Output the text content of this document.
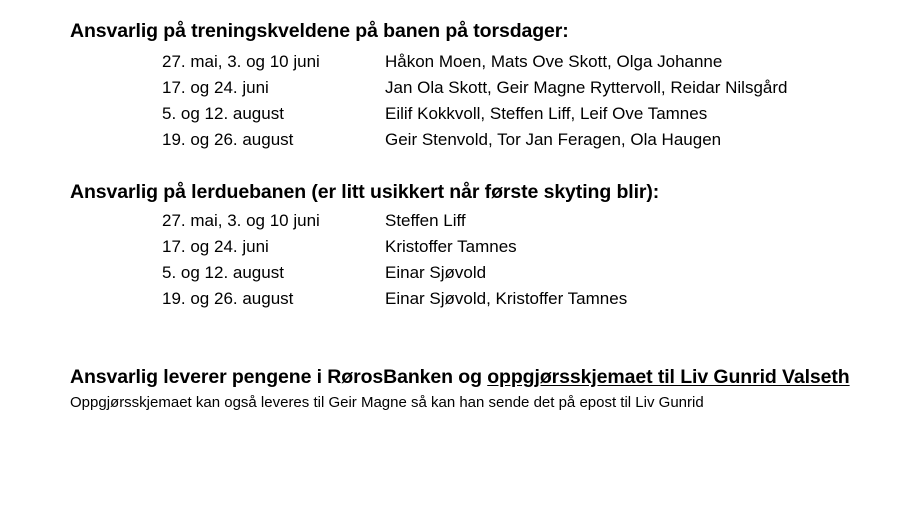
Ansvarlig på treningskveldene på banen på torsdager:
27. mai, 3. og 10 juni	Håkon Moen, Mats Ove Skott, Olga Johanne
17. og 24. juni	Jan Ola Skott, Geir Magne Ryttervoll, Reidar Nilsgård
5. og 12. august	Eilif Kokkvoll, Steffen Liff, Leif Ove Tamnes
19. og 26. august	Geir Stenvold, Tor Jan Feragen, Ola Haugen
Ansvarlig på lerduebanen (er litt usikkert når første skyting blir):
27. mai, 3. og 10 juni	Steffen Liff
17. og 24. juni	Kristoffer Tamnes
5. og 12. august	Einar Sjøvold
19. og 26. august	Einar Sjøvold, Kristoffer Tamnes
Ansvarlig leverer pengene i RørosBanken og oppgjørsskjemaet til Liv Gunrid Valseth
Oppgjørsskjemaet kan også leveres til Geir Magne så kan han sende det på epost til Liv Gunrid
